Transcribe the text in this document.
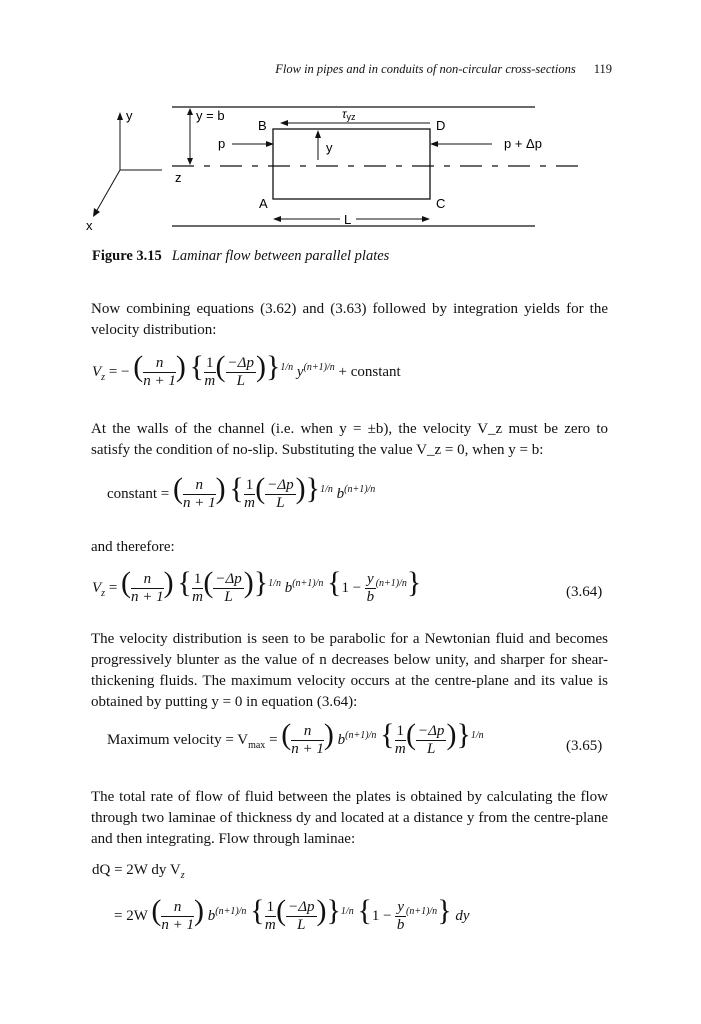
Flow in pipes and in conduits of non-circular cross-sections 119
y
z
x
y = b
B	D
A	C
τyz
p	y	p + Δp
L
Figure 3.15 Laminar flow between parallel plates
Now combining equations (3.62) and (3.63) followed by integration yields for the velocity distribution:
$V_z$ = − ( $\frac{n}{n + 1}$ ) { $\frac{1}{m}$ ( $\frac{-\Delta p}{L} )\}^{1/n}$ $y^{(n+1)/n}$ + constant
At the walls of the channel (i.e. when y = ±b), the velocity V_z must be zero to satisfy the condition of no-slip. Substituting the value V_z = 0, when y = b:
constant = ( $\frac{n}{n + 1}$ ) { $\frac{1}{m}$ ( $\frac{-\Delta p}{L} )\}^{1/n}$ $b^{(n+1)/n}$
and therefore:
$V_z$ = ( $\frac{n}{n + 1}$ ) { $\frac{1}{m}$ ( $\frac{-\Delta p}{L} )\}^{1/n}$ $b^{(n+1)/n}$ $\{1 - \frac{y}{b} ^{(n+1)/n}\}$	(3.64)
The velocity distribution is seen to be parabolic for a Newtonian fluid and becomes progressively blunter as the value of n decreases below unity, and sharper for shear-thickening fluids. The maximum velocity occurs at the centre-plane and its value is obtained by putting y = 0 in equation (3.64):
Maximum velocity = $V_{max}$ = ( $\frac{n}{n + 1}$ ) $b^{(n+1)/n}$ { $\frac{1}{m}$ ( $\frac{-\Delta p}{L} )\}^{1/n}$
(3.65)
The total rate of flow of fluid between the plates is obtained by calculating the flow through two laminae of thickness dy and located at a distance y from the centre-plane and then integrating. Flow through laminae:
dQ = 2W dy $V_z$
= 2W ( $\frac{n}{n + 1}$ ) $b^{(n+1)/n}$ { $\frac{1}{m}$ ( $\frac{-\Delta p}{L} )\}^{1/n}$ $\{1 - \frac{y}{b} ^{(n+1)/n}\}$ dy
